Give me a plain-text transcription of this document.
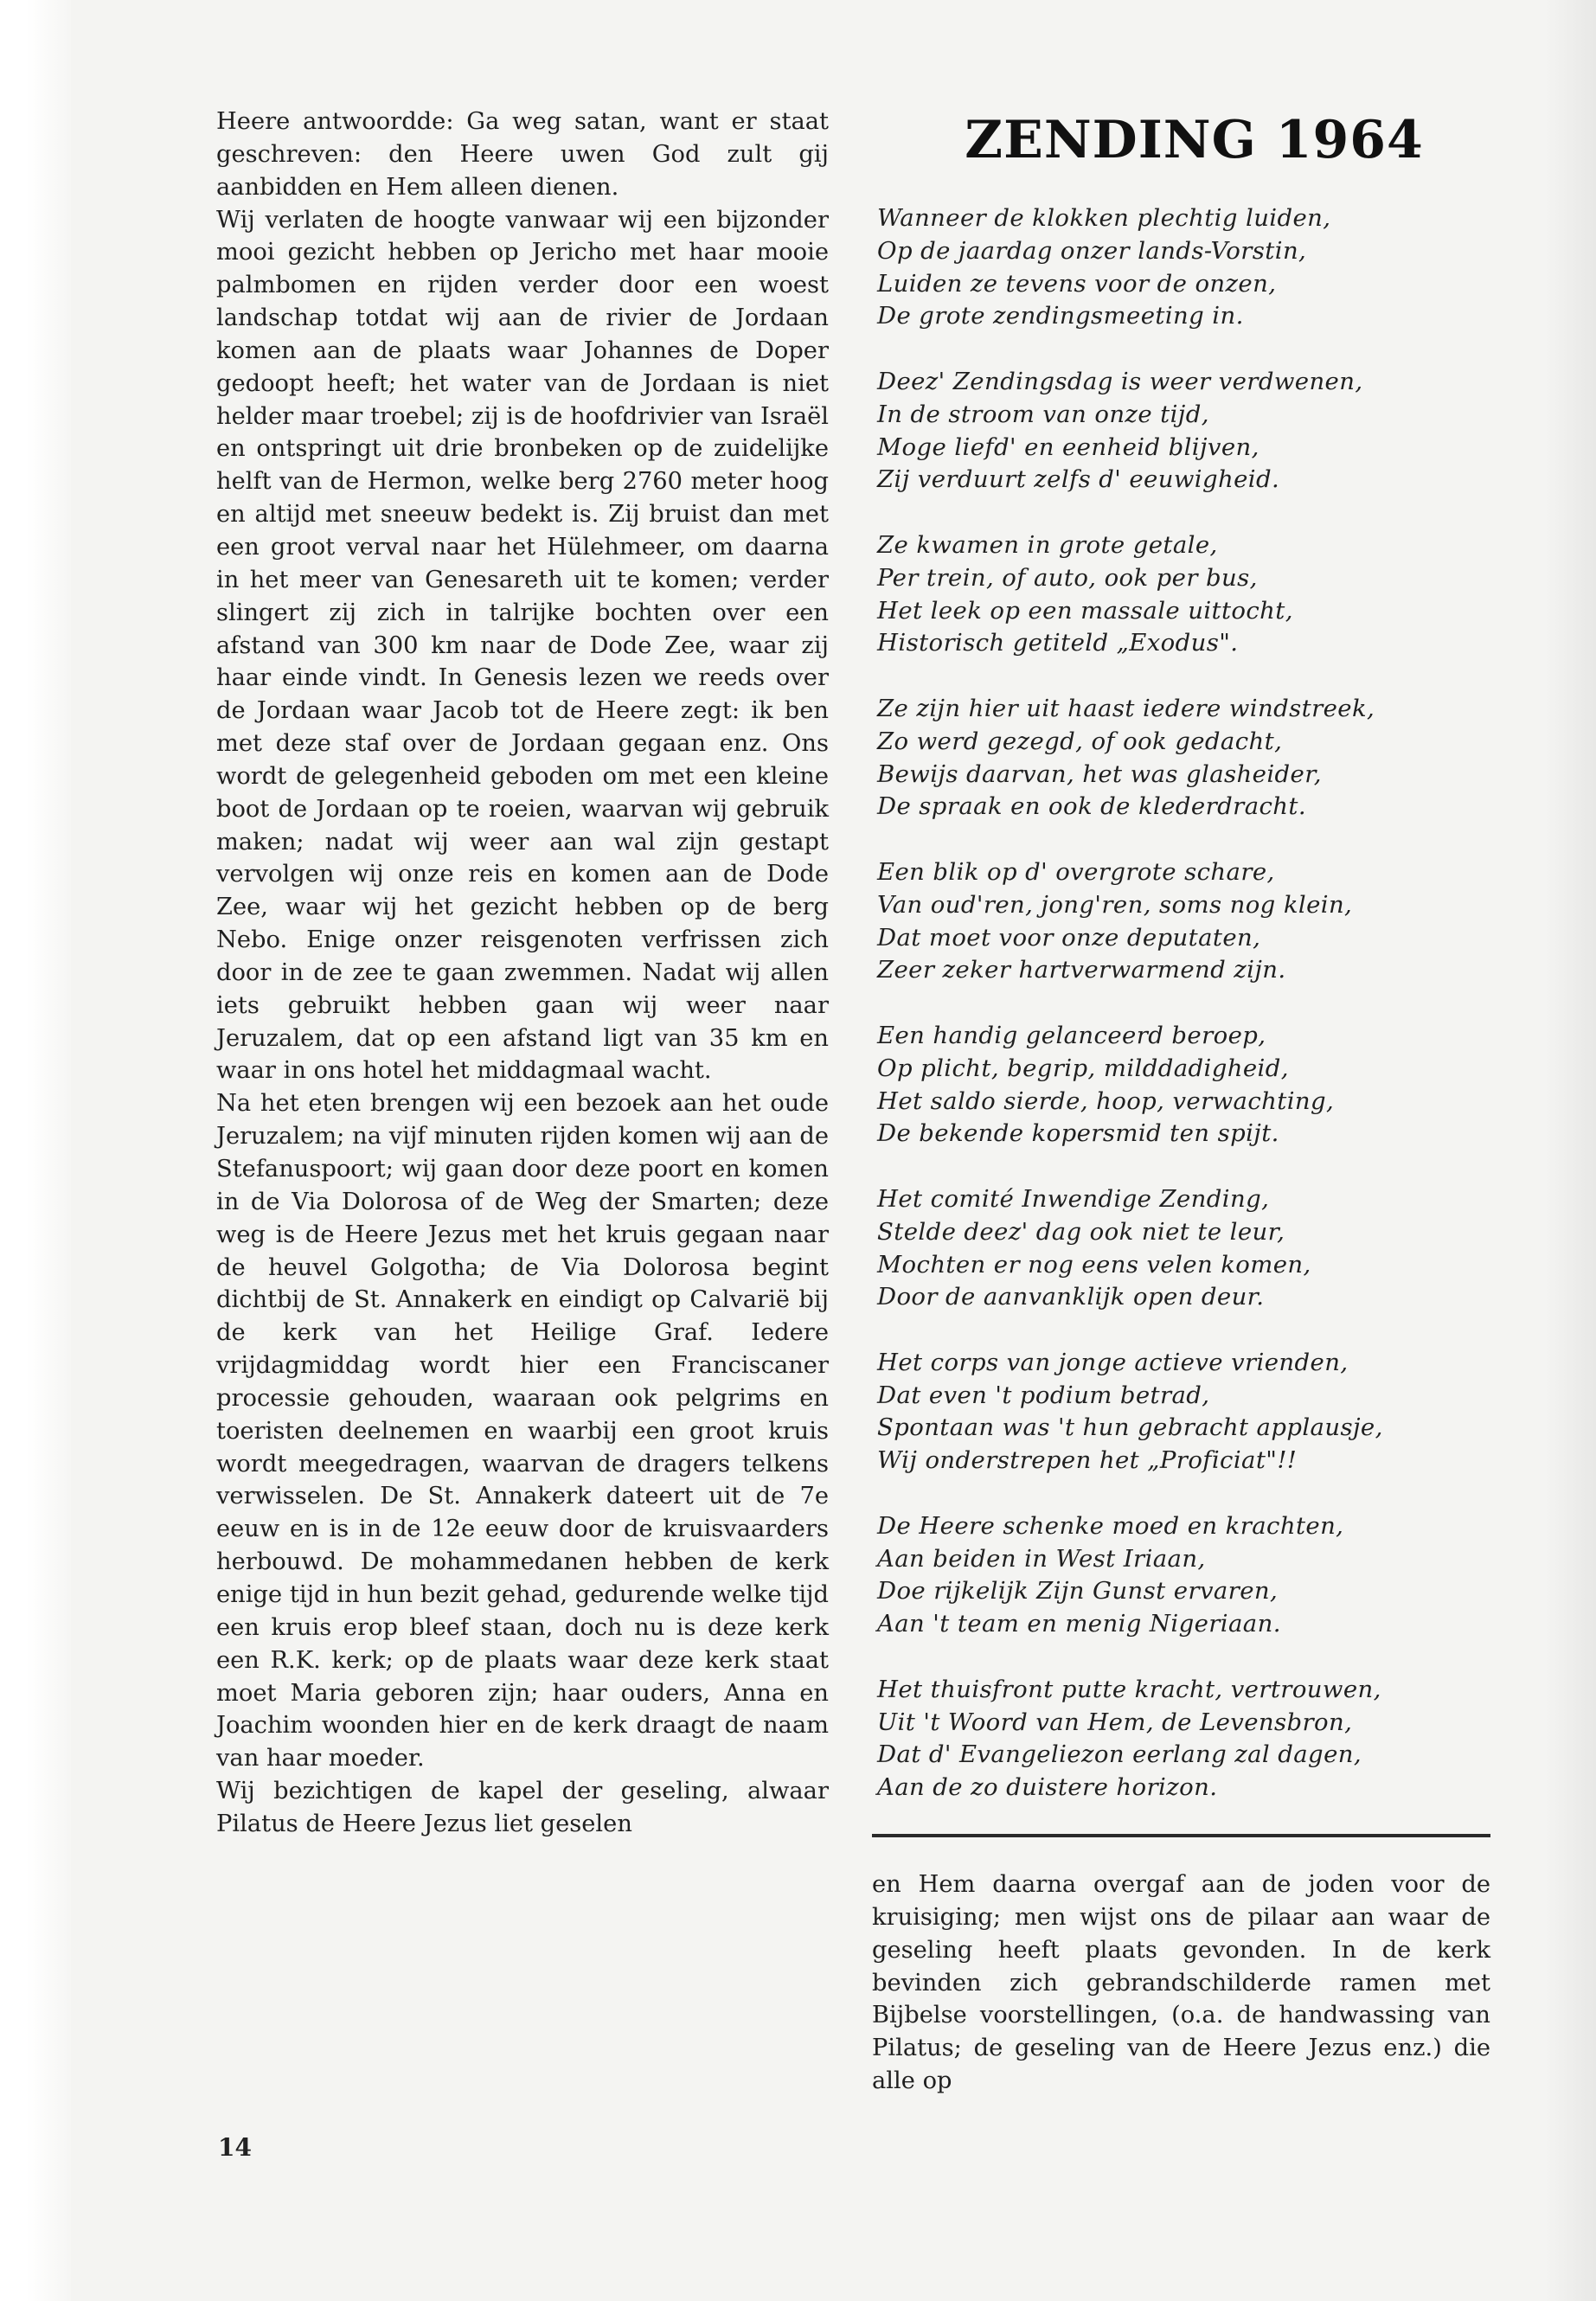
Heere antwoordde: Ga weg satan, want er staat geschreven: den Heere uwen God zult gij aanbidden en Hem alleen dienen.

Wij verlaten de hoogte vanwaar wij een bijzonder mooi gezicht hebben op Jericho met haar mooie palmbomen en rijden verder door een woest landschap totdat wij aan de rivier de Jordaan komen aan de plaats waar Johannes de Doper gedoopt heeft; het water van de Jordaan is niet helder maar troebel; zij is de hoofdrivier van Israël en ontspringt uit drie bronbeken op de zuidelijke helft van de Hermon, welke berg 2760 meter hoog en altijd met sneeuw bedekt is. Zij bruist dan met een groot verval naar het Hülehmeer, om daarna in het meer van Genesareth uit te komen; verder slingert zij zich in talrijke bochten over een afstand van 300 km naar de Dode Zee, waar zij haar einde vindt. In Genesis lezen we reeds over de Jordaan waar Jacob tot de Heere zegt: ik ben met deze staf over de Jordaan gegaan enz. Ons wordt de gelegenheid geboden om met een kleine boot de Jordaan op te roeien, waarvan wij gebruik maken; nadat wij weer aan wal zijn gestapt vervolgen wij onze reis en komen aan de Dode Zee, waar wij het gezicht hebben op de berg Nebo. Enige onzer reisgenoten verfrissen zich door in de zee te gaan zwemmen. Nadat wij allen iets gebruikt hebben gaan wij weer naar Jeruzalem, dat op een afstand ligt van 35 km en waar in ons hotel het middagmaal wacht.

Na het eten brengen wij een bezoek aan het oude Jeruzalem; na vijf minuten rijden komen wij aan de Stefanuspoort; wij gaan door deze poort en komen in de Via Dolorosa of de Weg der Smarten; deze weg is de Heere Jezus met het kruis gegaan naar de heuvel Golgotha; de Via Dolorosa begint dichtbij de St. Annakerk en eindigt op Calvarië bij de kerk van het Heilige Graf. Iedere vrijdagmiddag wordt hier een Franciscaner processie gehouden, waaraan ook pelgrims en toeristen deelnemen en waarbij een groot kruis wordt meegedragen, waarvan de dragers telkens verwisselen. De St. Annakerk dateert uit de 7e eeuw en is in de 12e eeuw door de kruisvaarders herbouwd. De mohammedanen hebben de kerk enige tijd in hun bezit gehad, gedurende welke tijd een kruis erop bleef staan, doch nu is deze kerk een R.K. kerk; op de plaats waar deze kerk staat moet Maria geboren zijn; haar ouders, Anna en Joachim woonden hier en de kerk draagt de naam van haar moeder.

Wij bezichtigen de kapel der geseling, alwaar Pilatus de Heere Jezus liet geselen

ZENDING 1964
Wanneer de klokken plechtig luiden,
Op de jaardag onzer lands-Vorstin,
Luiden ze tevens voor de onzen,
De grote zendingsmeeting in.
Deez' Zendingsdag is weer verdwenen,
In de stroom van onze tijd,
Moge liefd' en eenheid blijven,
Zij verduurt zelfs d' eeuwigheid.
Ze kwamen in grote getale,
Per trein, of auto, ook per bus,
Het leek op een massale uittocht,
Historisch getiteld „Exodus".
Ze zijn hier uit haast iedere windstreek,
Zo werd gezegd, of ook gedacht,
Bewijs daarvan, het was glasheider,
De spraak en ook de klederdracht.
Een blik op d' overgrote schare,
Van oud'ren, jong'ren, soms nog klein,
Dat moet voor onze deputaten,
Zeer zeker hartverwarmend zijn.
Een handig gelanceerd beroep,
Op plicht, begrip, milddadigheid,
Het saldo sierde, hoop, verwachting,
De bekende kopersmid ten spijt.
Het comité Inwendige Zending,
Stelde deez' dag ook niet te leur,
Mochten er nog eens velen komen,
Door de aanvanklijk open deur.
Het corps van jonge actieve vrienden,
Dat even 't podium betrad,
Spontaan was 't hun gebracht applausje,
Wij onderstrepen het „Proficiat"!!
De Heere schenke moed en krachten,
Aan beiden in West Iriaan,
Doe rijkelijk Zijn Gunst ervaren,
Aan 't team en menig Nigeriaan.
Het thuisfront putte kracht, vertrouwen,
Uit 't Woord van Hem, de Levensbron,
Dat d' Evangeliezon eerlang zal dagen,
Aan de zo duistere horizon.

en Hem daarna overgaf aan de joden voor de kruisiging; men wijst ons de pilaar aan waar de geseling heeft plaats gevonden. In de kerk bevinden zich gebrandschilderde ramen met Bijbelse voorstellingen, (o.a. de handwassing van Pilatus; de geseling van de Heere Jezus enz.) die alle op

14
